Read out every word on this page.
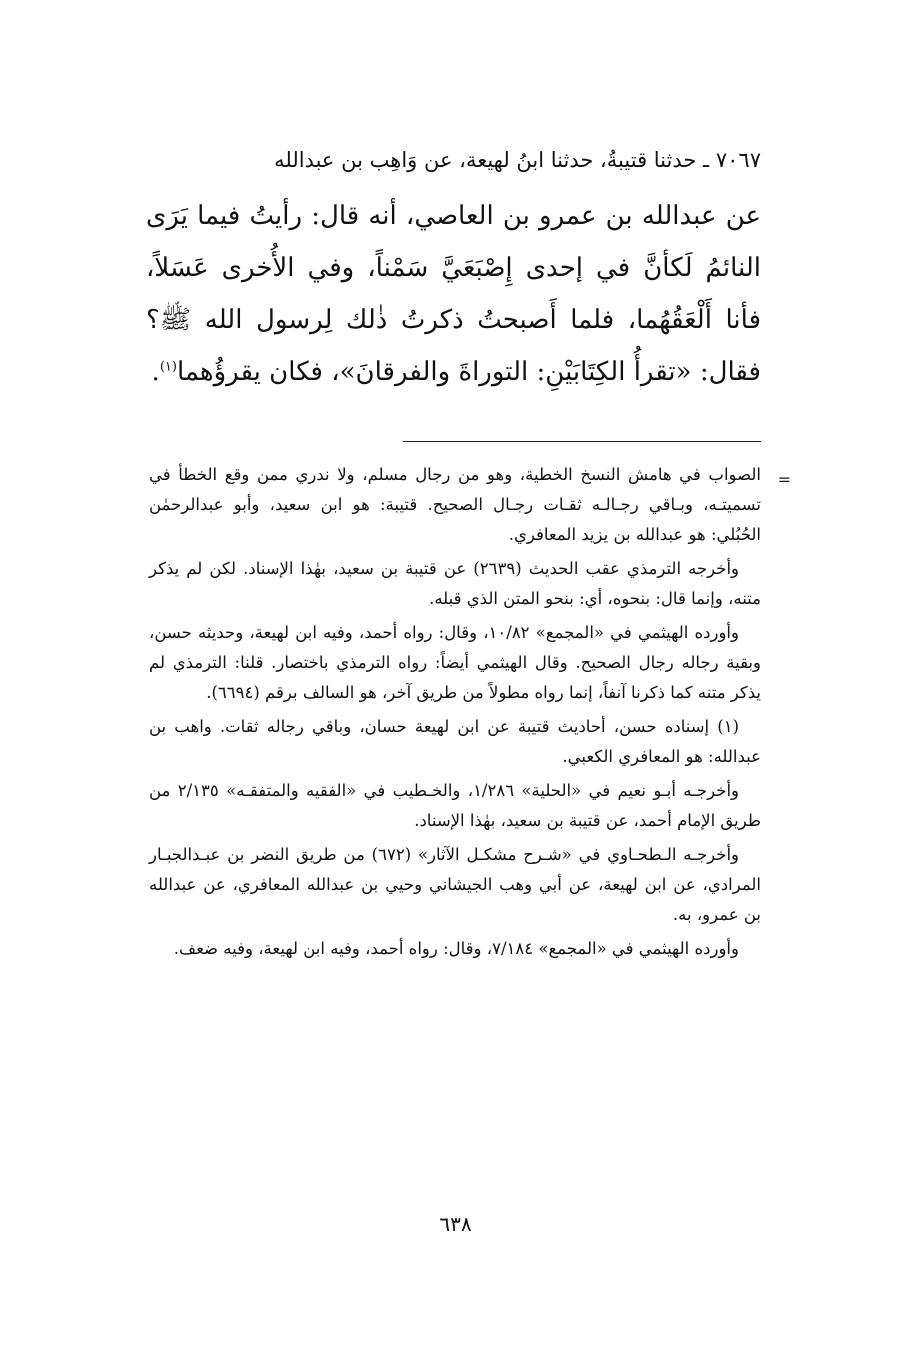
٧٠٦٧ ـ حدثنا قتيبةُ، حدثنا ابنُ لهيعة، عن وَاهِب بن عبدالله

عن عبدالله بن عمرو بن العاصي، أنه قال: رأيتُ فيما يَرَى النائمُ لَكأنَّ في إحدى إِصْبَعَيَّ سَمْناً، وفي الأُخرى عَسَلاً، فأنا أَلْعَقُهُما، فلما أَصبحتُ ذكرتُ ذٰلك لِرسول الله ﷺ؟ فقال: «تقرأُ الكِتَابَيْنِ: التوراةَ والفرقانَ»، فكان يقرؤُهما$^{(١)}$.

=

الصواب في هامش النسخ الخطية، وهو من رجال مسلم، ولا ندري ممن وقع الخطأ في تسميتـه، وبـاقي رجـالـه ثقـات رجـال الصحيح. قتيبة: هو ابن سعيد، وأبو عبدالرحمٰن الحُبُلي: هو عبدالله بن يزيد المعافري.

وأخرجه الترمذي عقب الحديث (٢٦٣٩) عن قتيبة بن سعيد، بهٰذا الإسناد. لكن لم يذكر متنه، وإنما قال: بنحوه، أي: بنحو المتن الذي قبله.

وأورده الهيثمي في «المجمع» ١٠/٨٢، وقال: رواه أحمد، وفيه ابن لهيعة، وحديثه حسن، وبقية رجاله رجال الصحيح. وقال الهيثمي أيضاً: رواه الترمذي باختصار. قلنا: الترمذي لم يذكر متنه كما ذكرنا آنفاً، إنما رواه مطولاً من طريق آخر، هو السالف برقم (٦٦٩٤).

(١) إسناده حسن، أحاديث قتيبة عن ابن لهيعة حسان، وباقي رجاله ثقات. واهب بن عبدالله: هو المعافري الكعبي.

وأخرجـه أبـو نعيم في «الحلية» ١/٢٨٦، والخـطيب في «الفقيه والمتفقـه» ٢/١٣٥ من طريق الإمام أحمد، عن قتيبة بن سعيد، بهٰذا الإسناد.

وأخرجـه الـطحـاوي في «شـرح مشكـل الآثار» (٦٧٢) من طريق النضر بن عبـدالجبـار المرادي، عن ابن لهيعة، عن أبي وهب الجيشاني وحيي بن عبدالله المعافري، عن عبدالله بن عمرو، به.

وأورده الهيثمي في «المجمع» ٧/١٨٤، وقال: رواه أحمد، وفيه ابن لهيعة، وفيه ضعف.

٦٣٨
